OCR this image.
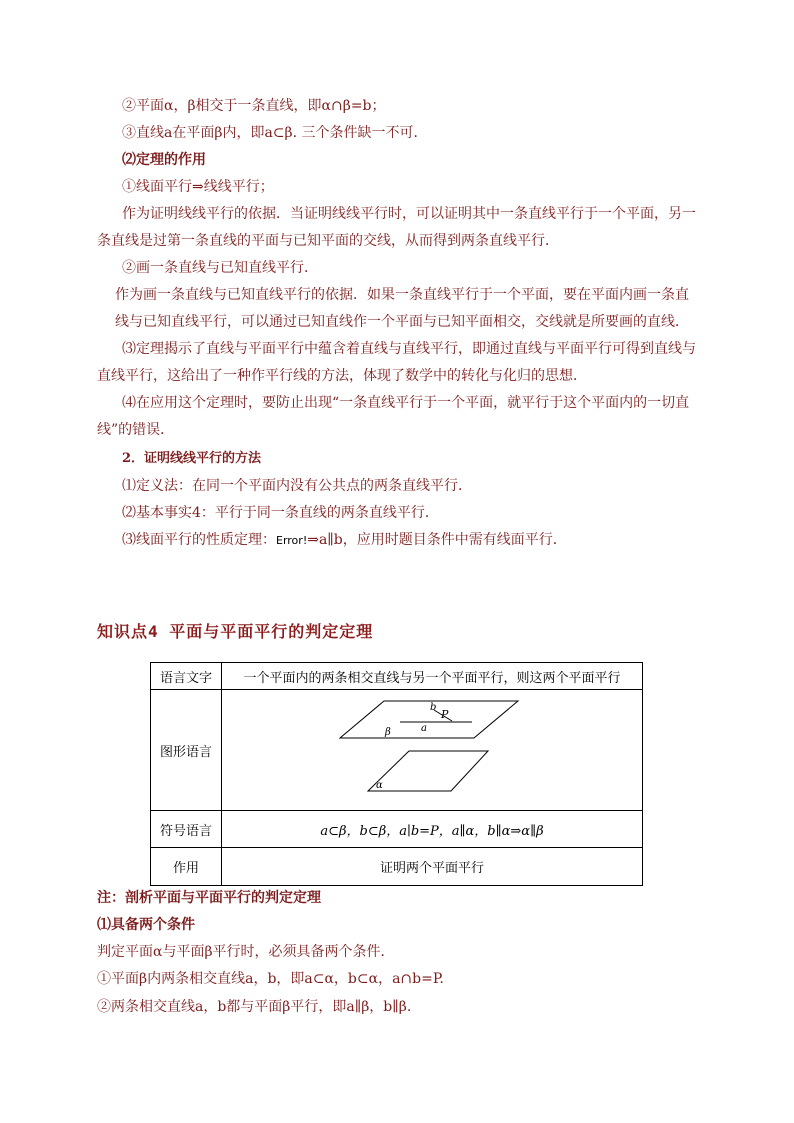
②平面α，β相交于一条直线，即α∩β=b；
③直线a在平面β内，即a⊂β. 三个条件缺一不可．
⑵定理的作用
①线面平行⇒线线平行；
作为证明线线平行的依据．当证明线线平行时，可以证明其中一条直线平行于一个平面，另一
条直线是过第一条直线的平面与已知平面的交线，从而得到两条直线平行．
②画一条直线与已知直线平行．
作为画一条直线与已知直线平行的依据．如果一条直线平行于一个平面，要在平面内画一条直
线与已知直线平行，可以通过已知直线作一个平面与已知平面相交，交线就是所要画的直线．
⑶定理揭示了直线与平面平行中蕴含着直线与直线平行，即通过直线与平面平行可得到直线与
直线平行，这给出了一种作平行线的方法，体现了数学中的转化与化归的思想．
⑷在应用这个定理时，要防止出现“一条直线平行于一个平面，就平行于这个平面内的一切直
线”的错误．
2．证明线线平行的方法
⑴定义法：在同一个平面内没有公共点的两条直线平行．
⑵基本事实4：平行于同一条直线的两条直线平行．
⑶线面平行的性质定理：Error!⇒a∥b，应用时题目条件中需有线面平行．
知识点4 平面与平面平行的判定定理
语言文字	一个平面内的两条相交直线与另一个平面平行，则这两个平面平行
图形语言	b
P
a
β
α

符号语言	a⊂β，b⊂β，a∣b=P，a∥α，b∥α⇒α∥β
作用	证明两个平面平行
注：剖析平面与平面平行的判定定理
⑴具备两个条件
判定平面α与平面β平行时，必须具备两个条件．
①平面β内两条相交直线a，b，即a⊂α，b⊂α，a∩b=P.
②两条相交直线a，b都与平面β平行，即a∥β，b∥β.
